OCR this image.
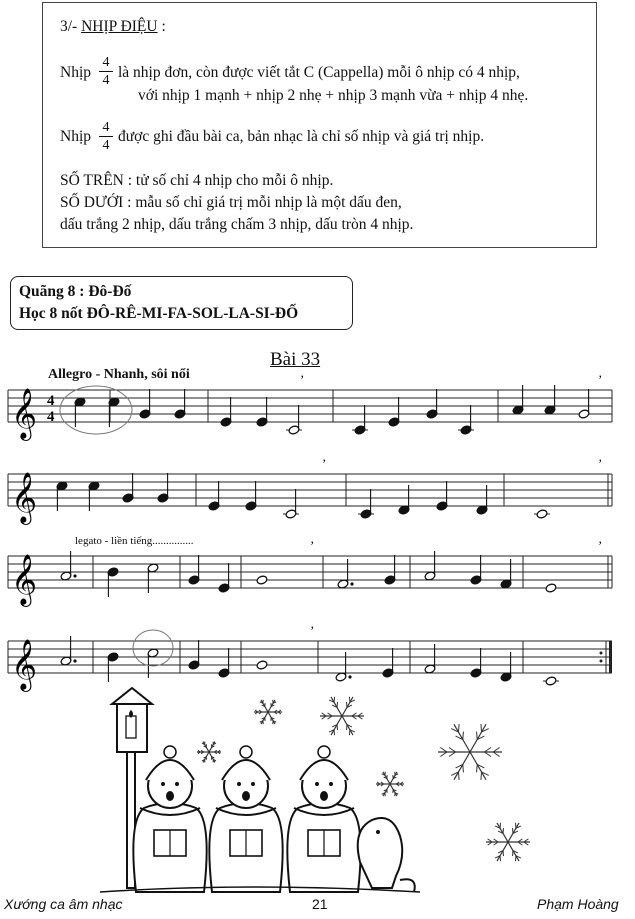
3/- NHỊP ĐIỆU :
Nhịp
4
4 là nhịp đơn, còn được viết tắt C (Cappella) mỗi ô nhịp có 4 nhịp,
với nhịp 1 mạnh + nhịp 2 nhẹ + nhịp 3 mạnh vừa + nhịp 4 nhẹ.
Nhịp
4
4
được ghi đầu bài ca, bản nhạc là chỉ số nhịp và giá trị nhịp.
SỐ TRÊN : tử số chỉ 4 nhịp cho mỗi ô nhịp.
SỐ DƯỚI : mẫu số chỉ giá trị mỗi nhịp là một dấu đen,
dấu trắng 2 nhịp, dấu trắng chấm 3 nhịp, dấu tròn 4 nhịp.
Quãng 8 : Đô-Đố
Học 8 nốt ĐÔ-RÊ-MI-FA-SOL-LA-SI-ĐỐ
Bài 33
Allegro - Nhanh, sôi nổi
legato - liền tiếng...............
4
4
𝄞
’	’
𝄞
’	’
𝄞
’	’
𝄞
’
Xướng ca âm nhạc	21	Phạm Hoàng
